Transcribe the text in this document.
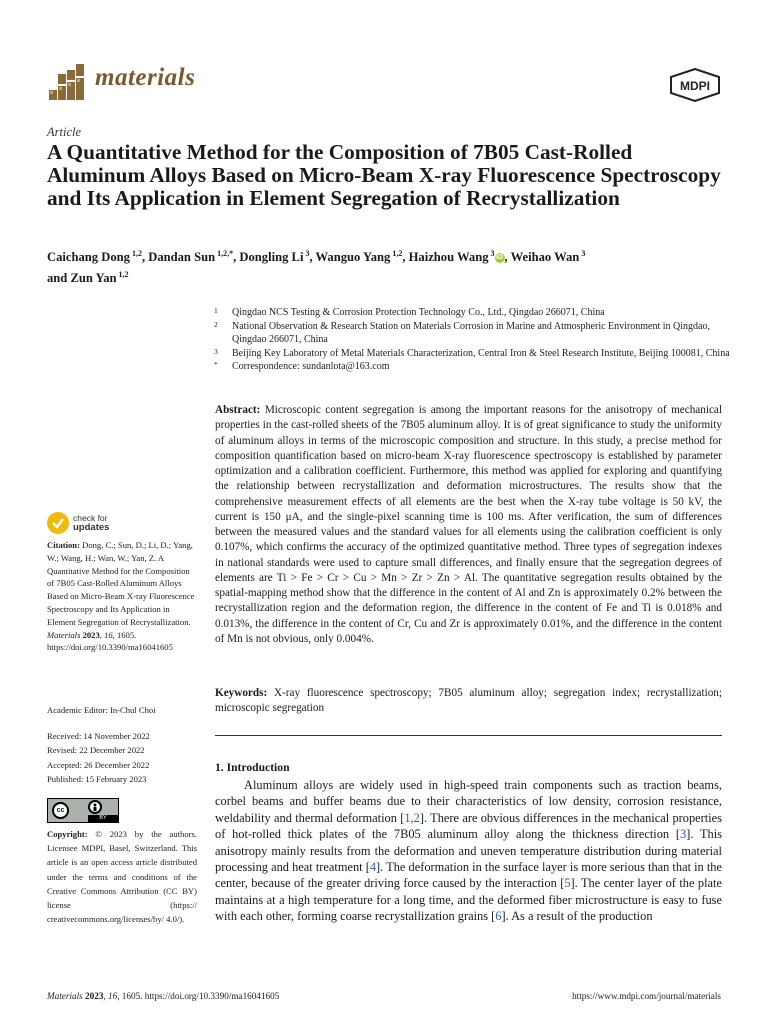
materials	MDPI
Article
A Quantitative Method for the Composition of 7B05 Cast-Rolled Aluminum Alloys Based on Micro-Beam X-ray Fluorescence Spectroscopy and Its Application in Element Segregation of Recrystallization
Caichang Dong $^{1,2}$, Dandan Sun $^{1,2,*}$, Dongling Li $^3$, Wanguo Yang $^{1,2}$, Haizhou Wang $^3$ iD , Weihao Wan $^3$
and Zun Yan $^{1,2}$
1 Qingdao NCS Testing & Corrosion Protection Technology Co., Ltd., Qingdao 266071, China
2 National Observation & Research Station on Materials Corrosion in Marine and Atmospheric Environment in Qingdao, Qingdao 266071, China
3 Beijing Key Laboratory of Metal Materials Characterization, Central Iron & Steel Research Institute, Beijing 100081, China
* Correspondence: sundanlota@163.com
Abstract: Microscopic content segregation is among the important reasons for the anisotropy of mechanical properties in the cast-rolled sheets of the 7B05 aluminum alloy. It is of great significance to study the uniformity of aluminum alloys in terms of the microscopic composition and structure. In this study, a precise method for composition quantification based on micro-beam X-ray fluorescence spectroscopy is established by parameter optimization and a calibration coefficient. Furthermore, this method was applied for exploring and quantifying the relationship between recrystallization and deformation microstructures. The results show that the comprehensive measurement effects of all elements are the best when the X-ray tube voltage is 50 kV, the current is 150 μA, and the single-pixel scanning time is 100 ms. After verification, the sum of differences between the measured values and the standard values for all elements using the calibration coefficient is only 0.107%, which confirms the accuracy of the optimized quantitative method. Three types of segregation indexes in national standards were used to capture small differences, and finally ensure that the segregation degrees of elements are Ti > Fe > Cr > Cu > Mn > Zr > Zn > Al. The quantitative segregation results obtained by the spatial-mapping method show that the difference in the content of Al and Zn is approximately 0.2% between the recrystallization region and the deformation region, the difference in the content of Fe and Ti is 0.018% and 0.013%, the difference in the content of Cr, Cu and Zr is approximately 0.01%, and the difference in the content of Mn is not obvious, only 0.004%.
Keywords: X-ray fluorescence spectroscopy; 7B05 aluminum alloy; segregation index; recrystallization; microscopic segregation
check for
updates
Citation: Dong, C.; Sun, D.; Li, D.; Yang, W.; Wang, H.; Wan, W.; Yan, Z. A Quantitative Method for the Composition of 7B05 Cast-Rolled Aluminum Alloys Based on Micro-Beam X-ray Fluorescence Spectroscopy and Its Application in Element Segregation of Recrystallization. Materials 2023, 16, 1605. https://doi.org/10.3390/ma16041605
Academic Editor: In-Chul Choi
Received: 14 November 2022
Revised: 22 December 2022
Accepted: 26 December 2022
Published: 15 February 2023
cc
BY
Copyright: © 2023 by the authors. Licensee MDPI, Basel, Switzerland. This article is an open access article distributed under the terms and conditions of the Creative Commons Attribution (CC BY) license (https:// creativecommons.org/licenses/by/ 4.0/).
1. Introduction

Aluminum alloys are widely used in high-speed train components such as traction beams, corbel beams and buffer beams due to their characteristics of low density, corrosion resistance, weldability and thermal deformation [1,2]. There are obvious differences in the mechanical properties of hot-rolled thick plates of the 7B05 aluminum alloy along the thickness direction [3]. This anisotropy mainly results from the deformation and uneven temperature distribution during material processing and heat treatment [4]. The deformation in the surface layer is more serious than that in the center, because of the greater driving force caused by the interaction [5]. The center layer of the plate maintains at a high temperature for a long time, and the deformed fiber microstructure is easy to fuse with each other, forming coarse recrystallization grains [6]. As a result of the production

Materials 2023, 16, 1605. https://doi.org/10.3390/ma16041605	https://www.mdpi.com/journal/materials
